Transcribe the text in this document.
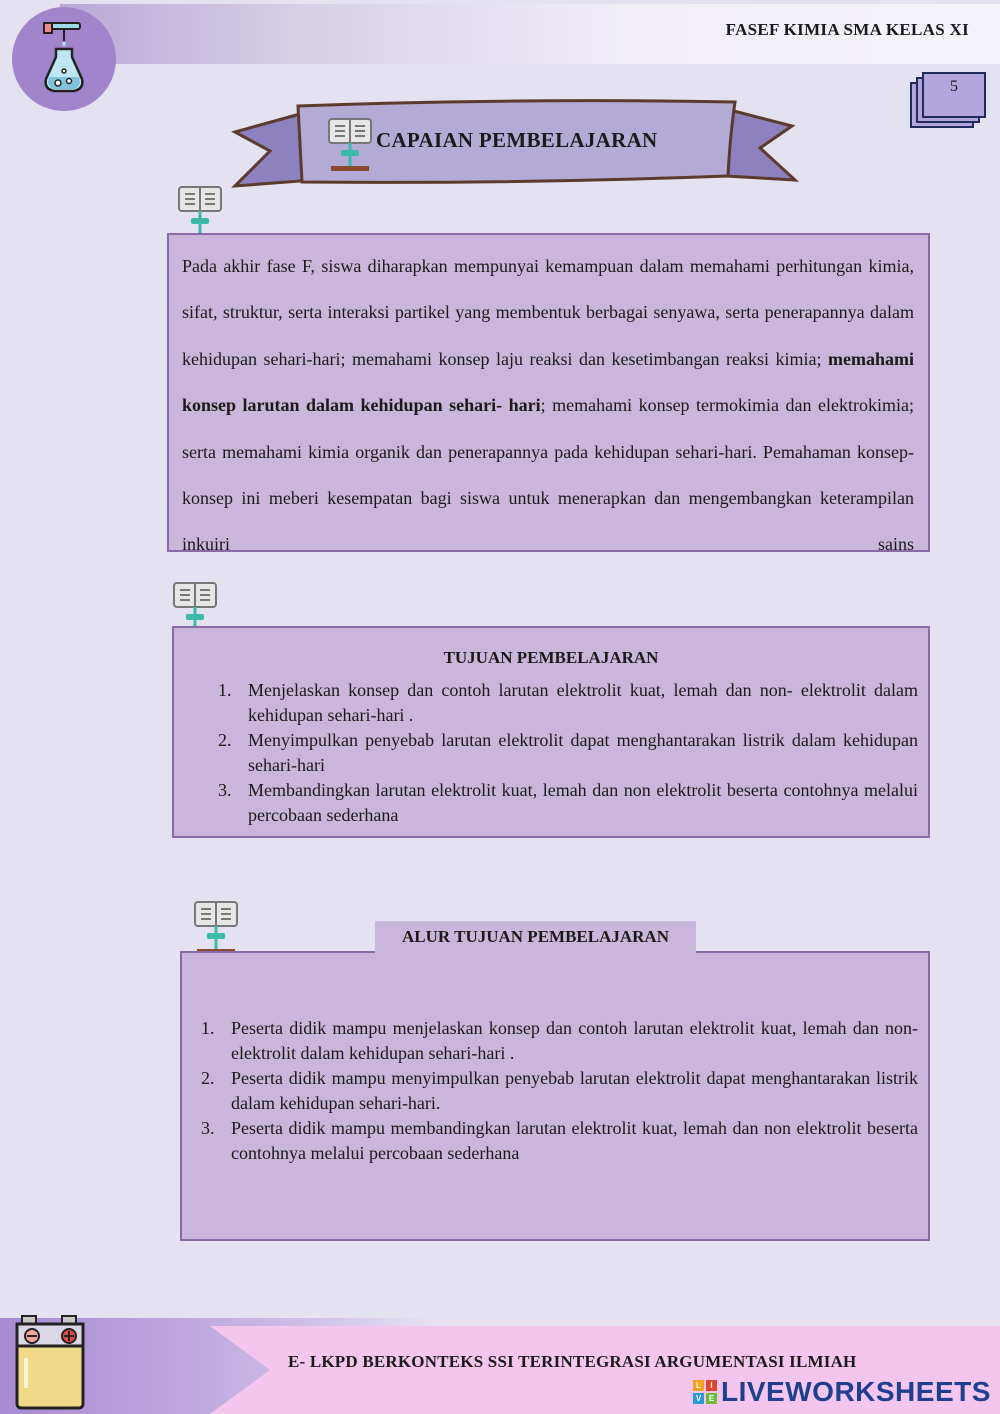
FASEF KIMIA SMA KELAS XI
5
CAPAIAN PEMBELAJARAN

Pada akhir fase F, siswa diharapkan mempunyai kemampuan dalam memahami perhitungan kimia, sifat, struktur, serta interaksi partikel yang membentuk berbagai senyawa, serta penerapannya dalam kehidupan sehari-hari; memahami konsep laju reaksi dan kesetimbangan reaksi kimia; memahami konsep larutan dalam kehidupan sehari- hari; memahami konsep termokimia dan elektrokimia; serta memahami kimia organik dan penerapannya pada kehidupan sehari-hari. Pemahaman konsep-konsep ini meberi kesempatan bagi siswa untuk menerapkan dan mengembangkan keterampilan inkuiri sains

TUJUAN PEMBELAJARAN
1. Menjelaskan konsep dan contoh larutan elektrolit kuat, lemah dan non- elektrolit dalam kehidupan sehari-hari .
2. Menyimpulkan penyebab larutan elektrolit dapat menghantarakan listrik dalam kehidupan sehari-hari
3. Membandingkan larutan elektrolit kuat, lemah dan non elektrolit beserta contohnya melalui percobaan sederhana
1. Peserta didik mampu menjelaskan konsep dan contoh larutan elektrolit kuat, lemah dan non- elektrolit dalam kehidupan sehari-hari .
2. Peserta didik mampu menyimpulkan penyebab larutan elektrolit dapat menghantarakan listrik dalam kehidupan sehari-hari.
3. Peserta didik mampu membandingkan larutan elektrolit kuat, lemah dan non elektrolit beserta contohnya melalui percobaan sederhana
ALUR TUJUAN PEMBELAJARAN
E- LKPD BERKONTEKS SSI TERINTEGRASI ARGUMENTASI ILMIAH
L	I
V E LIVEWORKSHEETS
